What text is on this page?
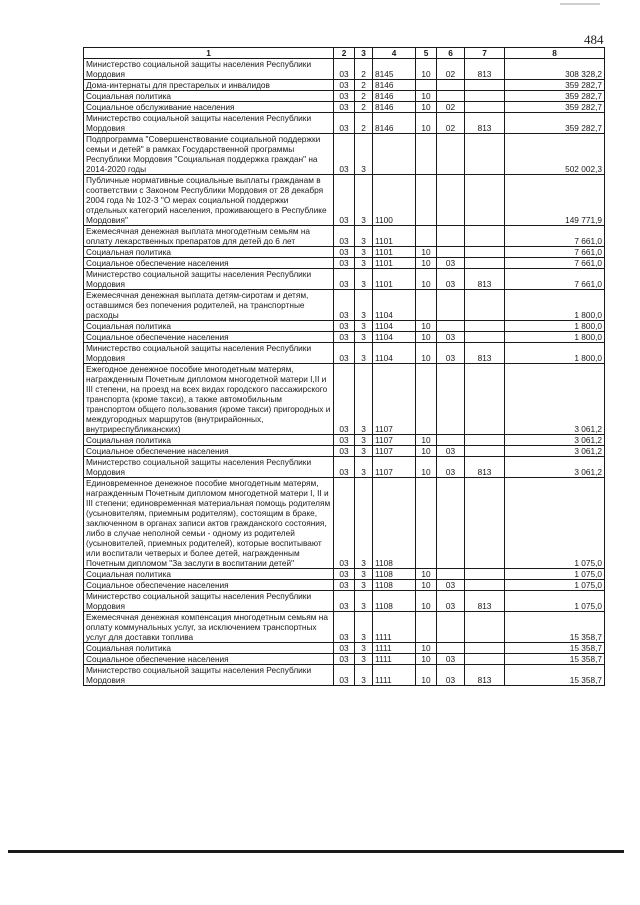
484
1	2	3	4	5	6	7	8
Министерство социальной защиты населения Республики Мордовия	03	2	8145	10	02	813	308 328,2
Дома-интернаты для престарелых и инвалидов	03	2	8146				359 282,7
Социальная политика	03	2	8146	10			359 282,7
Социальное обслуживание населения	03	2	8146	10	02		359 282,7
Министерство социальной защиты населения Республики Мордовия	03	2	8146	10	02	813	359 282,7
Подпрограмма "Совершенствование социальной поддержки семьи и детей" в рамках Государственной программы Республики Мордовия "Социальная поддержка граждан" на 2014-2020 годы	03	3					502 002,3
Публичные нормативные социальные выплаты гражданам в соответствии с Законом Республики Мордовия от 28 декабря 2004 года № 102-З "О мерах социальной поддержки отдельных категорий населения, проживающего в Республике Мордовия"	03	3	1100				149 771,9
Ежемесячная денежная выплата многодетным семьям на оплату лекарственных препаратов для детей до 6 лет	03	3	1101				7 661,0
Социальная политика	03	3	1101	10			7 661,0
Социальное обеспечение населения	03	3	1101	10	03		7 661,0
Министерство социальной защиты населения Республики Мордовия	03	3	1101	10	03	813	7 661,0
Ежемесячная денежная выплата детям-сиротам и детям, оставшимся без попечения родителей, на транспортные расходы	03	3	1104				1 800,0
Социальная политика	03	3	1104	10			1 800,0
Социальное обеспечение населения	03	3	1104	10	03		1 800,0
Министерство социальной защиты населения Республики Мордовия	03	3	1104	10	03	813	1 800,0
Ежегодное денежное пособие многодетным матерям, награжденным Почетным дипломом многодетной матери I,II и III степени, на проезд на всех видах городского пассажирского транспорта (кроме такси), а также автомобильным транспортом общего пользования (кроме такси) пригородных и междугородных маршрутов (внутрирайонных, внутриреспубликанских)	03	3	1107				3 061,2
Социальная политика	03	3	1107	10			3 061,2
Социальное обеспечение населения	03	3	1107	10	03		3 061,2
Министерство социальной защиты населения Республики Мордовия	03	3	1107	10	03	813	3 061,2
Единовременное денежное пособие многодетным матерям, награжденным Почетным дипломом многодетной матери I, II и III степени; единовременная материальная помощь родителям (усыновителям, приемным родителям), состоящим в браке, заключенном в органах записи актов гражданского состояния, либо в случае неполной семьи - одному из родителей (усыновителей, приемных родителей), которые воспитывают или воспитали четверых и более детей, награжденным Почетным дипломом "За заслуги в воспитании детей"	03	3	1108				1 075,0
Социальная политика	03	3	1108	10			1 075,0
Социальное обеспечение населения	03	3	1108	10	03		1 075,0
Министерство социальной защиты населения Республики Мордовия	03	3	1108	10	03	813	1 075,0
Ежемесячная денежная компенсация многодетным семьям на оплату коммунальных услуг, за исключением транспортных услуг для доставки топлива	03	3	1111				15 358,7
Социальная политика	03	3	1111	10			15 358,7
Социальное обеспечение населения	03	3	1111	10	03		15 358,7
Министерство социальной защиты населения Республики Мордовия	03	3	1111	10	03	813	15 358,7
